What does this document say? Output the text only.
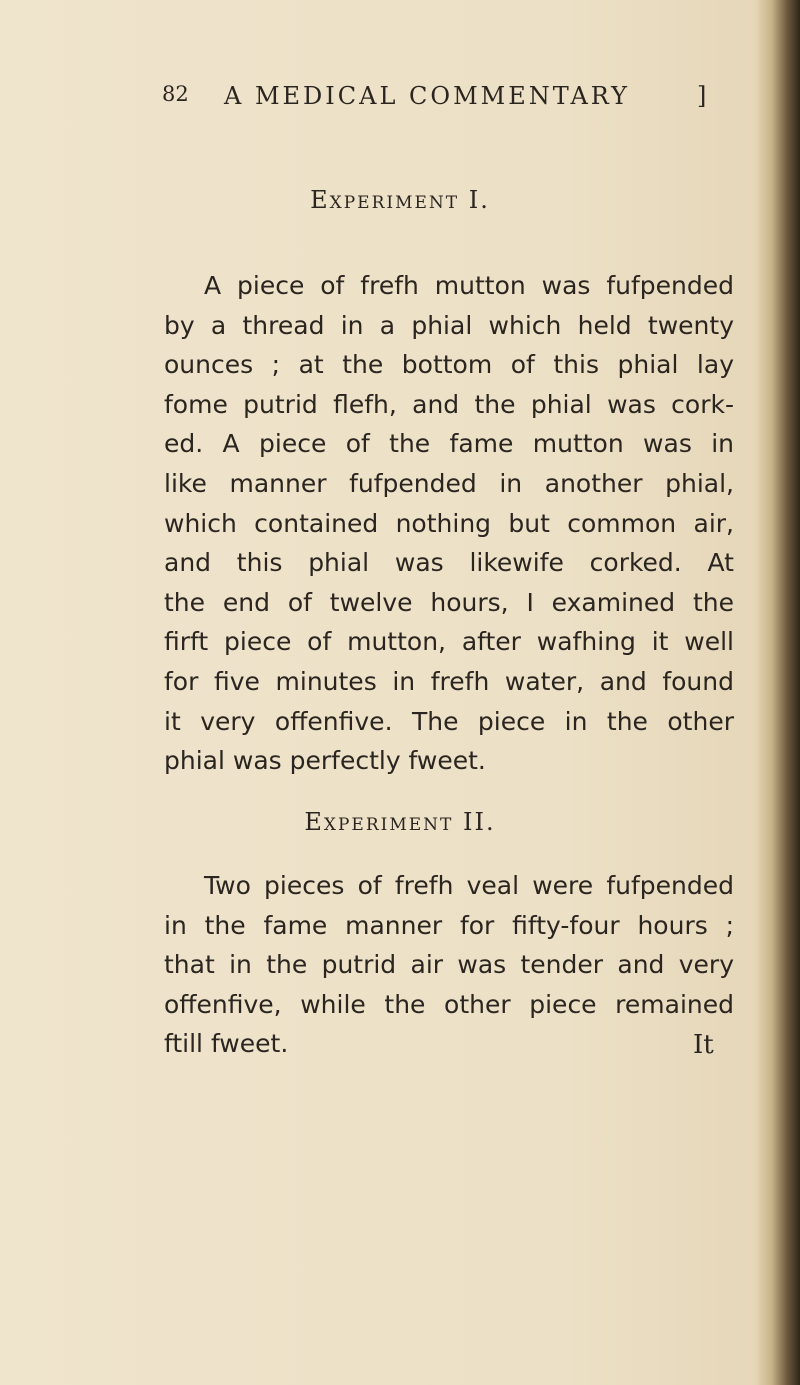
82 A MEDICAL COMMENTARY	]
Experiment I.
A piece of frefh mutton was fufpended
by a thread in a phial which held twenty
ounces ; at the bottom of this phial lay
fome putrid flefh, and the phial was cork-
ed. A piece of the fame mutton was in
like manner fufpended in another phial,
which contained nothing but common air,
and this phial was likewife corked. At
the end of twelve hours, I examined the
firft piece of mutton, after wafhing it well
for five minutes in frefh water, and found
it very offenfive. The piece in the other
phial was perfectly fweet.
Experiment II.
Two pieces of frefh veal were fufpended
in the fame manner for fifty-four hours ;
that in the putrid air was tender and very
offenfive, while the other piece remained
ftill fweet.	It
